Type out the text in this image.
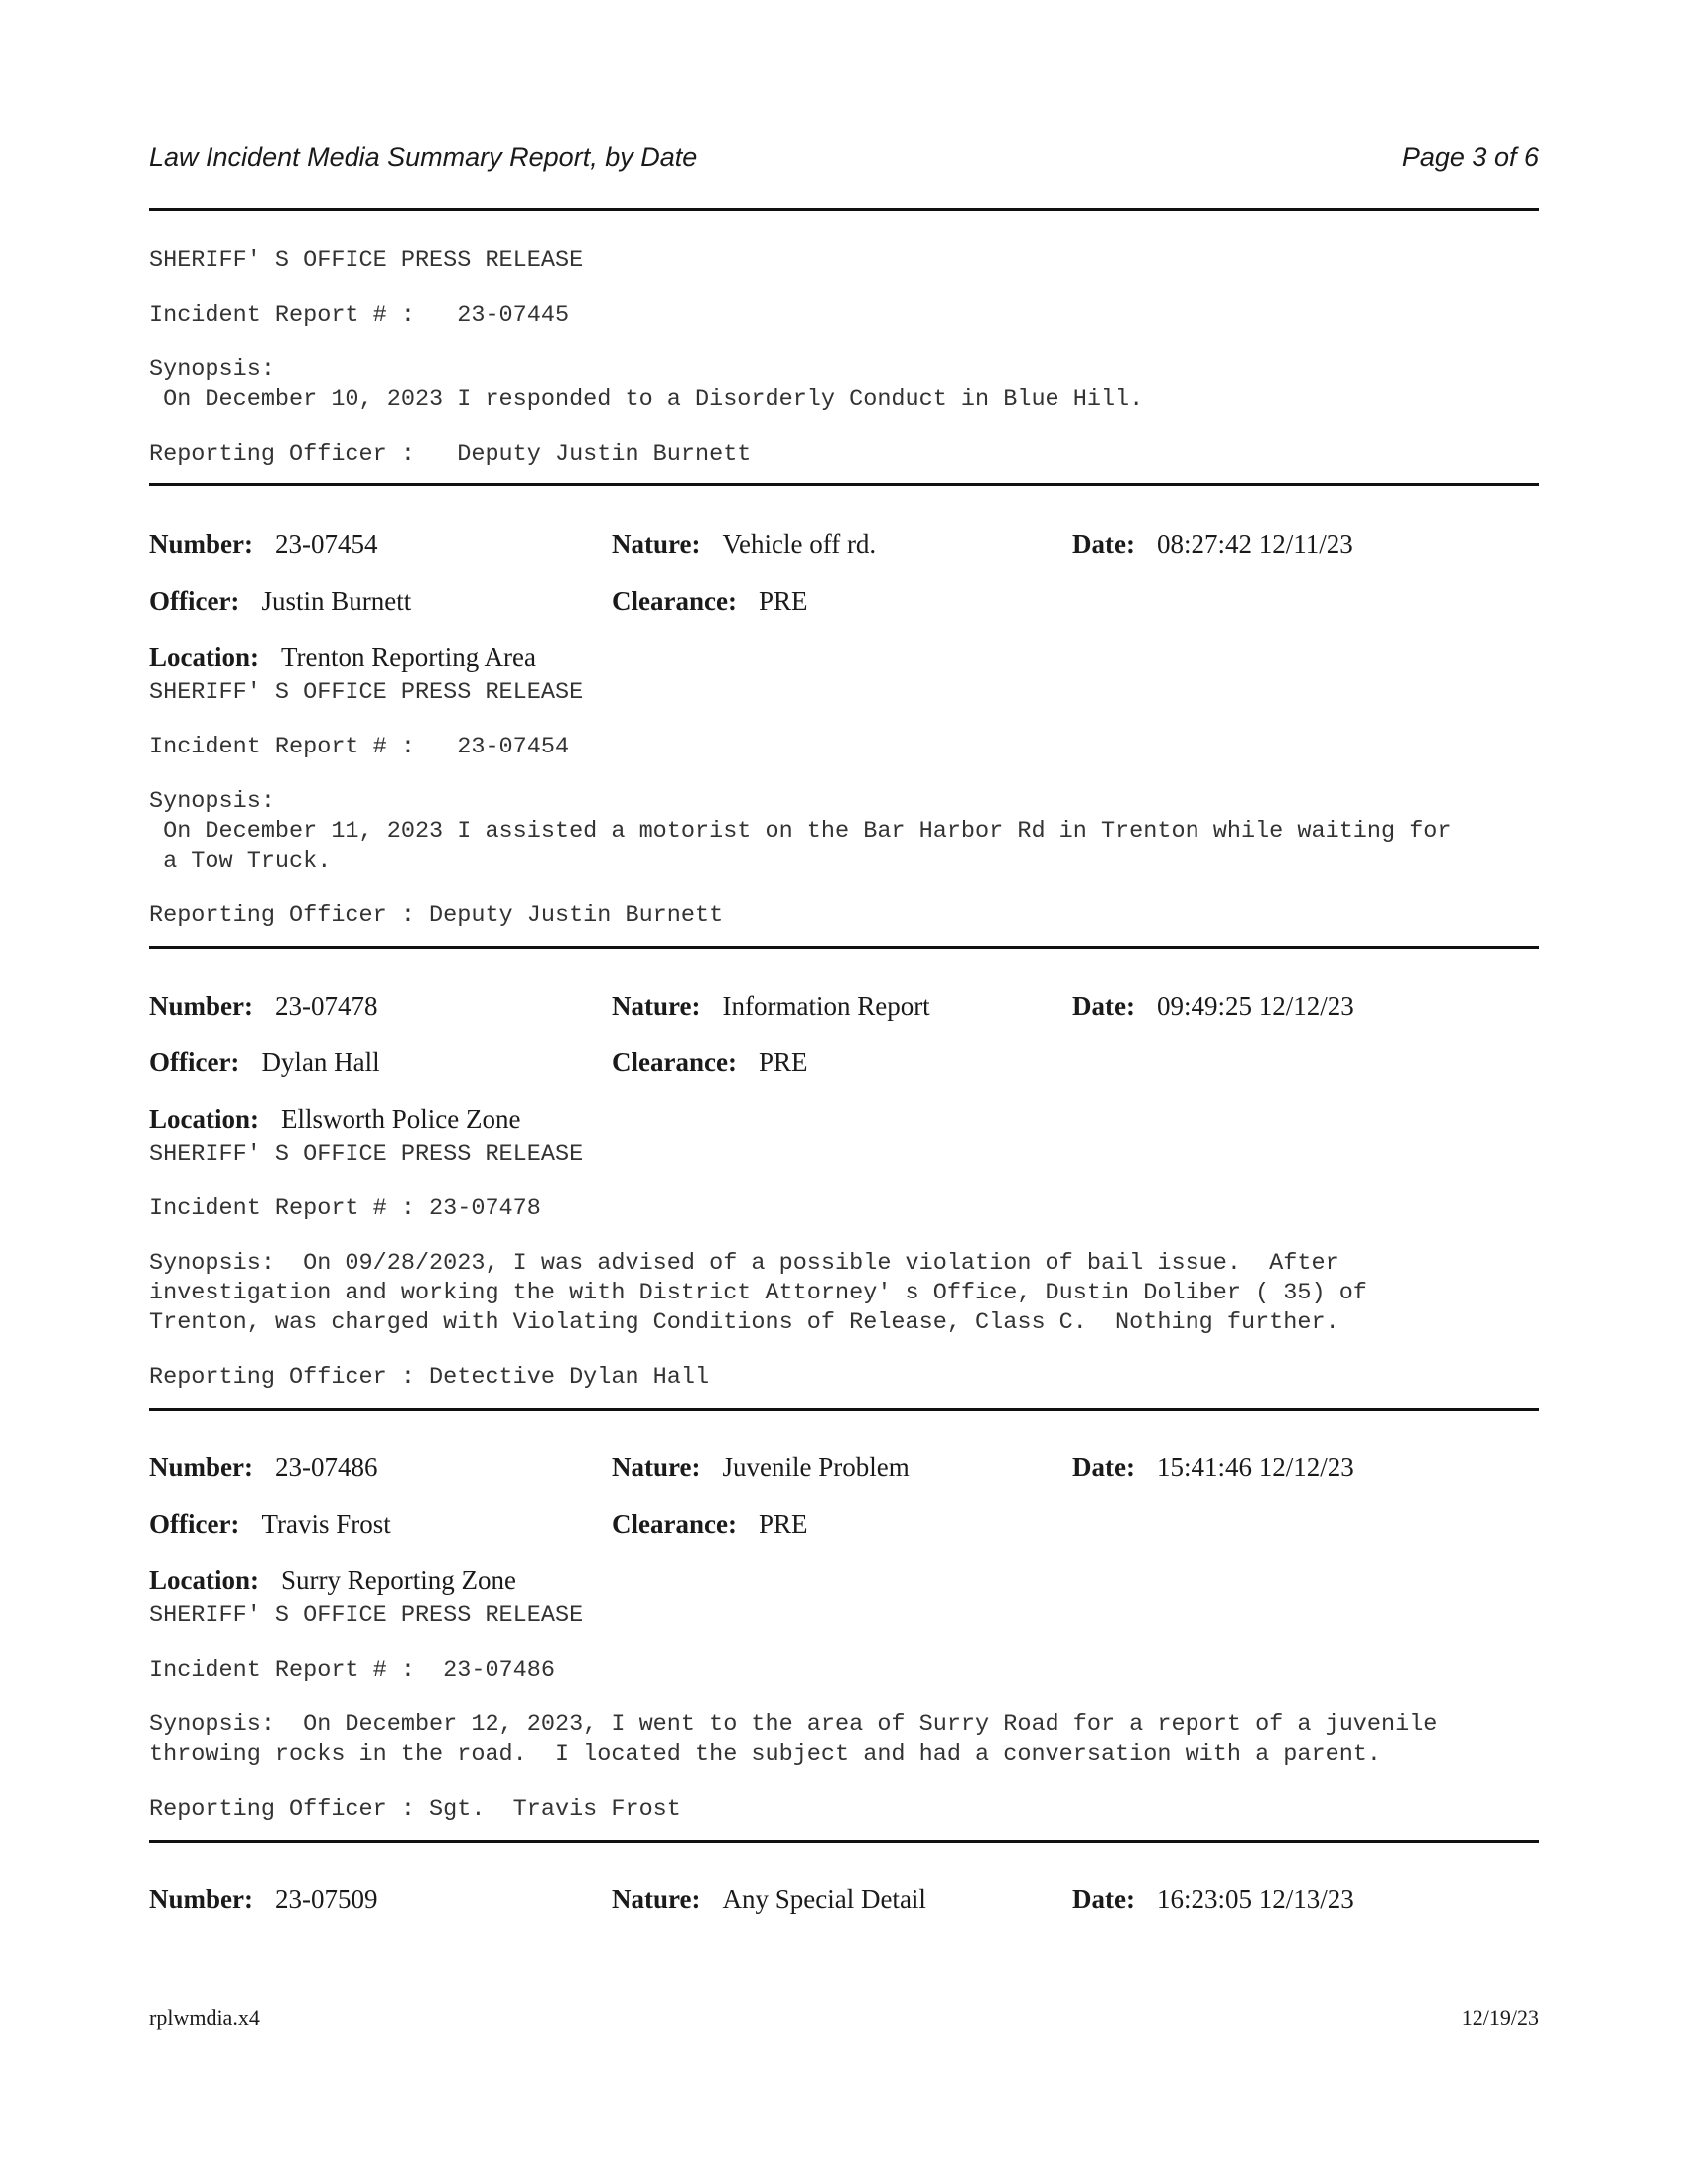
Law Incident Media Summary Report, by Date	Page 3 of 6
SHERIFF' S OFFICE PRESS RELEASE
Incident Report # :   23-07445
Synopsis:
On December 10, 2023 I responded to a Disorderly Conduct in Blue Hill.
Reporting Officer :   Deputy Justin Burnett
Number: 23-07454	Nature: Vehicle off rd.	Date: 08:27:42 12/11/23
Officer: Justin Burnett	Clearance: PRE
Location: Trenton Reporting Area
SHERIFF' S OFFICE PRESS RELEASE
Incident Report # :   23-07454
Synopsis:
On December 11, 2023 I assisted a motorist on the Bar Harbor Rd in Trenton while waiting for
a Tow Truck.
Reporting Officer : Deputy Justin Burnett
Number: 23-07478	Nature: Information Report	Date: 09:49:25 12/12/23
Officer: Dylan Hall	Clearance: PRE
Location: Ellsworth Police Zone
SHERIFF' S OFFICE PRESS RELEASE
Incident Report # : 23-07478
Synopsis:  On 09/28/2023, I was advised of a possible violation of bail issue.  After
investigation and working the with District Attorney' s Office, Dustin Doliber ( 35) of
Trenton, was charged with Violating Conditions of Release, Class C.  Nothing further.
Reporting Officer : Detective Dylan Hall
Number: 23-07486	Nature: Juvenile Problem	Date: 15:41:46 12/12/23
Officer: Travis Frost	Clearance: PRE
Location: Surry Reporting Zone
SHERIFF' S OFFICE PRESS RELEASE
Incident Report # :  23-07486
Synopsis:  On December 12, 2023, I went to the area of Surry Road for a report of a juvenile
throwing rocks in the road.  I located the subject and had a conversation with a parent.
Reporting Officer : Sgt.  Travis Frost
Number: 23-07509	Nature: Any Special Detail	Date: 16:23:05 12/13/23
rplwmdia.x4	12/19/23
